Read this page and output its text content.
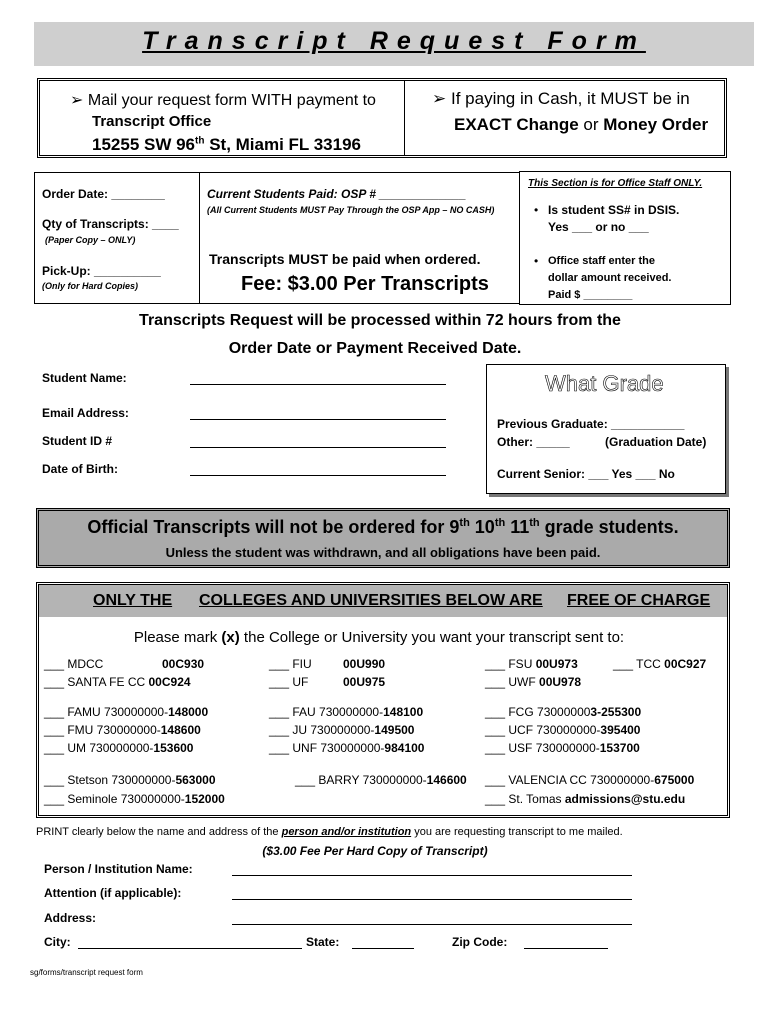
Transcript Request Form
➢ Mail your request form WITH payment to
Transcript Office
15255 SW 96th St, Miami FL 33196
➢ If paying in Cash, it MUST be in
EXACT Change or Money Order
Order Date: ________
Qty of Transcripts: ____
(Paper Copy – ONLY)
Pick-Up: __________
(Only for Hard Copies)
Current Students Paid: OSP # _____________
(All Current Students MUST Pay Through the OSP App – NO CASH)
Transcripts MUST be paid when ordered.
Fee: $3.00 Per Transcripts
This Section is for Office Staff ONLY.
• Is student SS# in DSIS.
Yes ___ or no ___
• Office staff enter the
dollar amount received.
Paid $ ________
Transcripts Request will be processed within 72 hours from the
Order Date or Payment Received Date.
Student Name:
Email Address:
Student ID #
Date of Birth:
What Grade
Previous Graduate: ___________
Other: _____	(Graduation Date)
Current Senior: ___ Yes ___ No
Official Transcripts will not be ordered for 9th 10th 11th grade students.
Unless the student was withdrawn, and all obligations have been paid.
ONLY THE COLLEGES AND UNIVERSITIES BELOW ARE FREE OF CHARGE
Please mark (x) the College or University you want your transcript sent to:
___ MDCC	00C930
___ SANTA FE CC 00C924
___ FIU	00U990
___ UF	00U975
___ FSU 00U973	___ TCC 00C927
___ UWF 00U978
___ FAMU 730000000-148000
___ FMU 730000000-148600
___ UM 730000000-153600
___ FAU 730000000-148100
___ JU 730000000-149500
___ UNF 730000000-984100
___ FCG 730000003-255300
___ UCF 730000000-395400
___ USF 730000000-153700
___ Stetson 730000000-563000
___ Seminole 730000000-152000
___ BARRY 730000000-146600 ___ VALENCIA CC 730000000-675000
___ St. Tomas admissions@stu.edu
PRINT clearly below the name and address of the person and/or institution you are requesting transcript to me mailed.
($3.00 Fee Per Hard Copy of Transcript)
Person / Institution Name:
Attention (if applicable):
Address:
City:	State:	Zip Code:
sg/forms/transcript request form
